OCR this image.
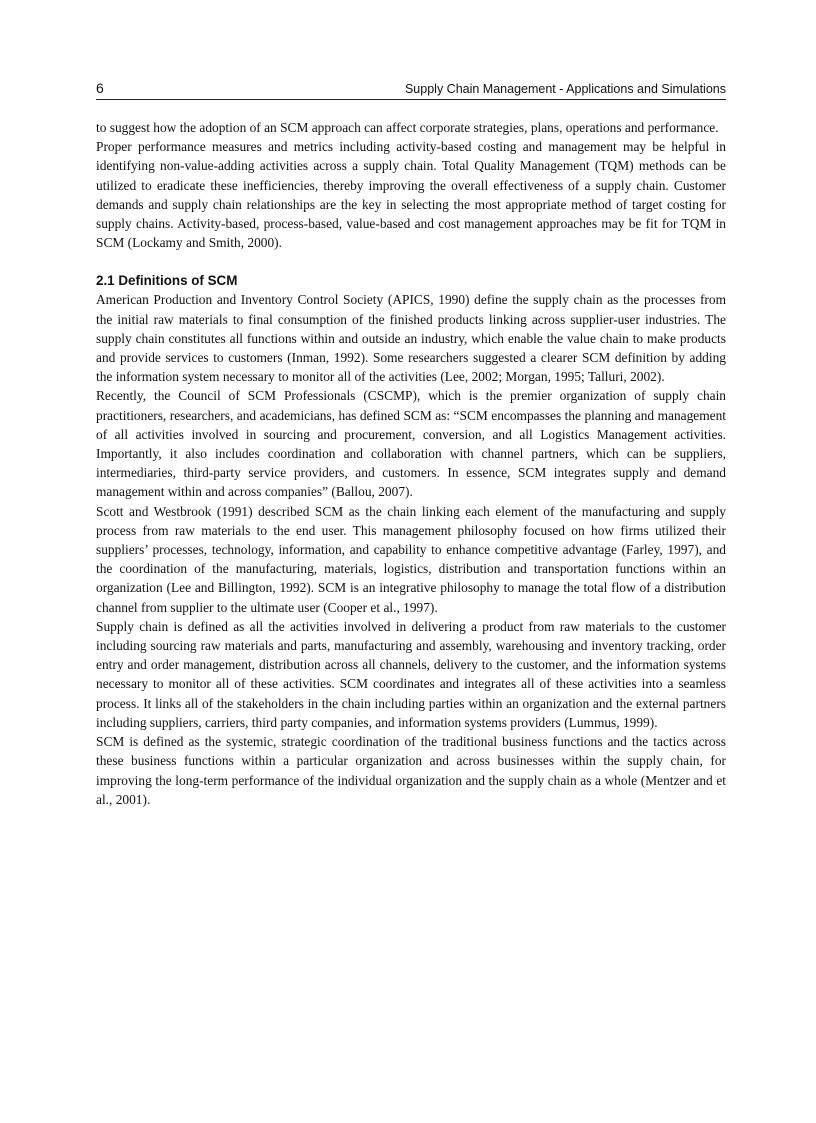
6	Supply Chain Management - Applications and Simulations

to suggest how the adoption of an SCM approach can affect corporate strategies, plans, operations and performance.

Proper performance measures and metrics including activity-based costing and management may be helpful in identifying non-value-adding activities across a supply chain. Total Quality Management (TQM) methods can be utilized to eradicate these inefficiencies, thereby improving the overall effectiveness of a supply chain. Customer demands and supply chain relationships are the key in selecting the most appropriate method of target costing for supply chains. Activity-based, process-based, value-based and cost management approaches may be fit for TQM in SCM (Lockamy and Smith, 2000).

2.1 Definitions of SCM

American Production and Inventory Control Society (APICS, 1990) define the supply chain as the processes from the initial raw materials to final consumption of the finished products linking across supplier-user industries. The supply chain constitutes all functions within and outside an industry, which enable the value chain to make products and provide services to customers (Inman, 1992). Some researchers suggested a clearer SCM definition by adding the information system necessary to monitor all of the activities (Lee, 2002; Morgan, 1995; Talluri, 2002).

Recently, the Council of SCM Professionals (CSCMP), which is the premier organization of supply chain practitioners, researchers, and academicians, has defined SCM as: “SCM encompasses the planning and management of all activities involved in sourcing and procurement, conversion, and all Logistics Management activities. Importantly, it also includes coordination and collaboration with channel partners, which can be suppliers, intermediaries, third-party service providers, and customers. In essence, SCM integrates supply and demand management within and across companies” (Ballou, 2007).

Scott and Westbrook (1991) described SCM as the chain linking each element of the manufacturing and supply process from raw materials to the end user. This management philosophy focused on how firms utilized their suppliers’ processes, technology, information, and capability to enhance competitive advantage (Farley, 1997), and the coordination of the manufacturing, materials, logistics, distribution and transportation functions within an organization (Lee and Billington, 1992). SCM is an integrative philosophy to manage the total flow of a distribution channel from supplier to the ultimate user (Cooper et al., 1997).

Supply chain is defined as all the activities involved in delivering a product from raw materials to the customer including sourcing raw materials and parts, manufacturing and assembly, warehousing and inventory tracking, order entry and order management, distribution across all channels, delivery to the customer, and the information systems necessary to monitor all of these activities. SCM coordinates and integrates all of these activities into a seamless process. It links all of the stakeholders in the chain including parties within an organization and the external partners including suppliers, carriers, third party companies, and information systems providers (Lummus, 1999).

SCM is defined as the systemic, strategic coordination of the traditional business functions and the tactics across these business functions within a particular organization and across businesses within the supply chain, for improving the long-term performance of the individual organization and the supply chain as a whole (Mentzer and et al., 2001).
